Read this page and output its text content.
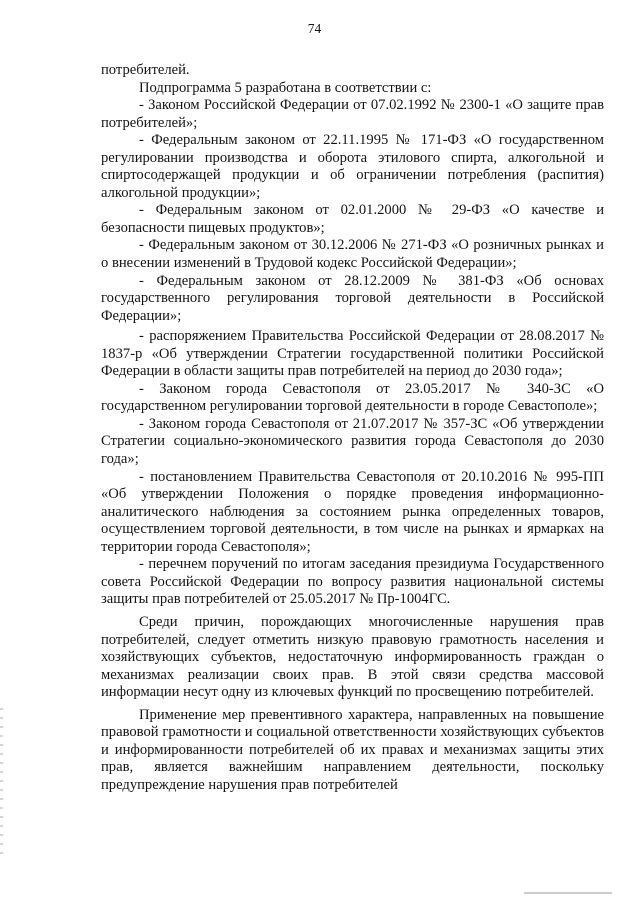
74

потребителей.

Подпрограмма 5 разработана в соответствии с:

- Законом Российской Федерации от 07.02.1992 № 2300-1 «О защите прав потребителей»;

- Федеральным законом от 22.11.1995 № 171-ФЗ «О государственном регулировании производства и оборота этилового спирта, алкогольной и спиртосодержащей продукции и об ограничении потребления (распития) алкогольной продукции»;

- Федеральным законом от 02.01.2000 № 29-ФЗ «О качестве и безопасности пищевых продуктов»;

- Федеральным законом от 30.12.2006 № 271-ФЗ «О розничных рынках и о внесении изменений в Трудовой кодекс Российской Федерации»;

- Федеральным законом от 28.12.2009 № 381-ФЗ «Об основах государственного регулирования торговой деятельности в Российской Федерации»;

- распоряжением Правительства Российской Федерации от 28.08.2017 № 1837-р «Об утверждении Стратегии государственной политики Российской Федерации в области защиты прав потребителей на период до 2030 года»;

- Законом города Севастополя от 23.05.2017 № 340-ЗС «О государственном регулировании торговой деятельности в городе Севастополе»;

- Законом города Севастополя от 21.07.2017 № 357-ЗС «Об утверждении Стратегии социально-экономического развития города Севастополя до 2030 года»;

- постановлением Правительства Севастополя от 20.10.2016 № 995-ПП «Об утверждении Положения о порядке проведения информационно-аналитического наблюдения за состоянием рынка определенных товаров, осуществлением торговой деятельности, в том числе на рынках и ярмарках на территории города Севастополя»;

- перечнем поручений по итогам заседания президиума Государственного совета Российской Федерации по вопросу развития национальной системы защиты прав потребителей от 25.05.2017 № Пр-1004ГС.

Среди причин, порождающих многочисленные нарушения прав потребителей, следует отметить низкую правовую грамотность населения и хозяйствующих субъектов, недостаточную информированность граждан о механизмах реализации своих прав. В этой связи средства массовой информации несут одну из ключевых функций по просвещению потребителей.

Применение мер превентивного характера, направленных на повышение правовой грамотности и социальной ответственности хозяйствующих субъектов и информированности потребителей об их правах и механизмах защиты этих прав, является важнейшим направлением деятельности, поскольку предупреждение нарушения прав потребителей
